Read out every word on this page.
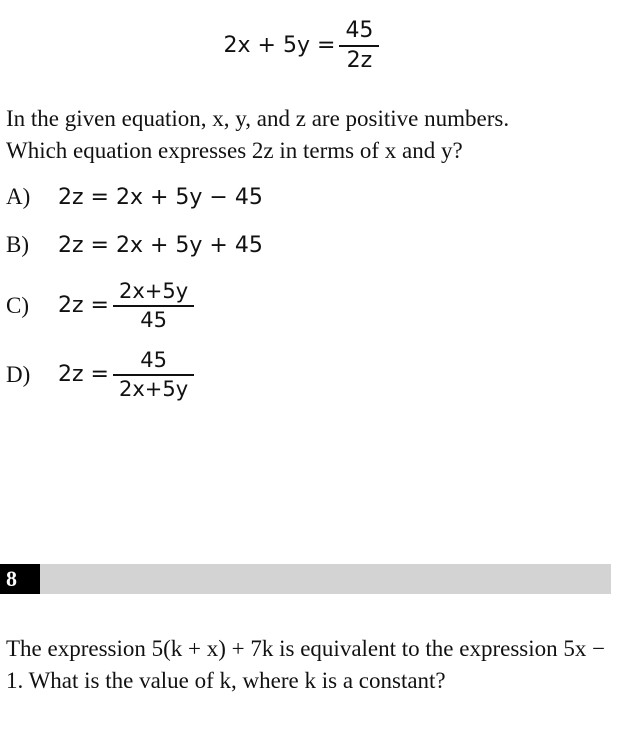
$2x + 5y = \frac{45}{2z}$
In the given equation, x, y, and z are positive numbers.
Which equation expresses 2z in terms of x and y?
A)	2z = 2x + 5y − 45
B)	2z = 2x + 5y + 45
C)	$2z = \frac{2x+5y}{45}$
D)	$2z = \frac{45}{2x+5y}$
8
The expression 5(k + x) + 7k is equivalent to the expression 5x − 1. What is the value of k, where k is a constant?
